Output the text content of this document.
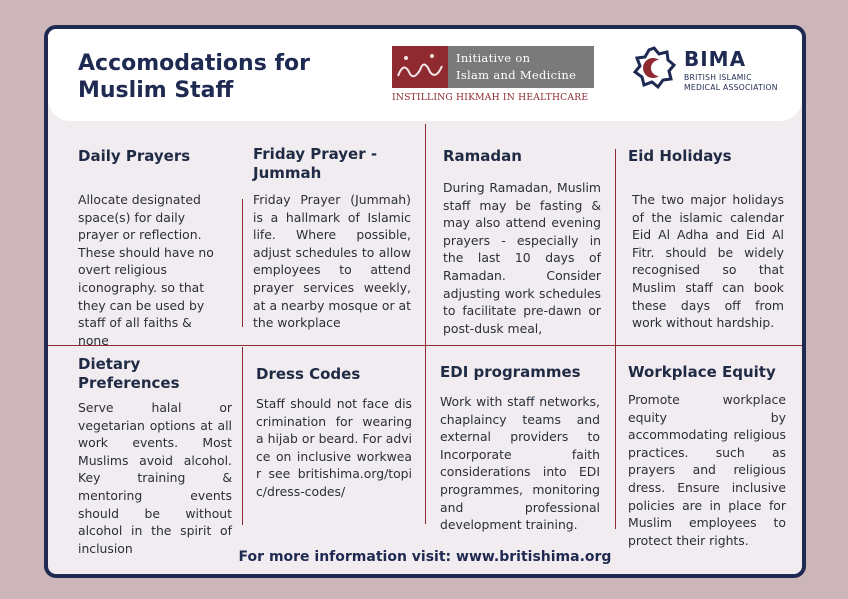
Accomodations for Muslim Staff
Initiative on
Islam and Medicine
INSTILLING HIKMAH IN HEALTHCARE
BIMA
BRITISH ISLAMIC
MEDICAL ASSOCIATION
Daily Prayers

Allocate designated space(s) for daily prayer or reflection. These should have no overt religious iconography. so that they can be used by staff of all faiths & none

Friday Prayer - Jummah

Friday Prayer (Jummah) is a hallmark of Islamic life. Where possible, adjust schedules to allow employees to attend prayer services weekly, at a nearby mosque or at the workplace

Ramadan

During Ramadan, Muslim staff may be fasting & may also attend evening prayers - especially in the last 10 days of Ramadan. Consider adjusting work schedules to facilitate pre-dawn or post-dusk meal,

Eid Holidays

The two major holidays of the islamic calendar Eid Al Adha and Eid Al Fitr. should be widely recognised so that Muslim staff can book these days off from work without hardship.

Dietary Preferences

Serve halal or vegetarian options at all work events. Most Muslims avoid alcohol. Key training & mentoring events should be without alcohol in the spirit of inclusion

Dress Codes

Staff should not face discrimination for wearing a hijab or beard. For advice on inclusive workwear see britishima.org/topic/dress-codes/

EDI programmes

Work with staff networks, chaplaincy teams and external providers to Incorporate faith considerations into EDI programmes, monitoring and professional development training.

Workplace Equity

Promote workplace equity by accommodating religious practices. such as prayers and religious dress. Ensure inclusive policies are in place for Muslim employees to protect their rights.

For more information visit: www.britishima.org
